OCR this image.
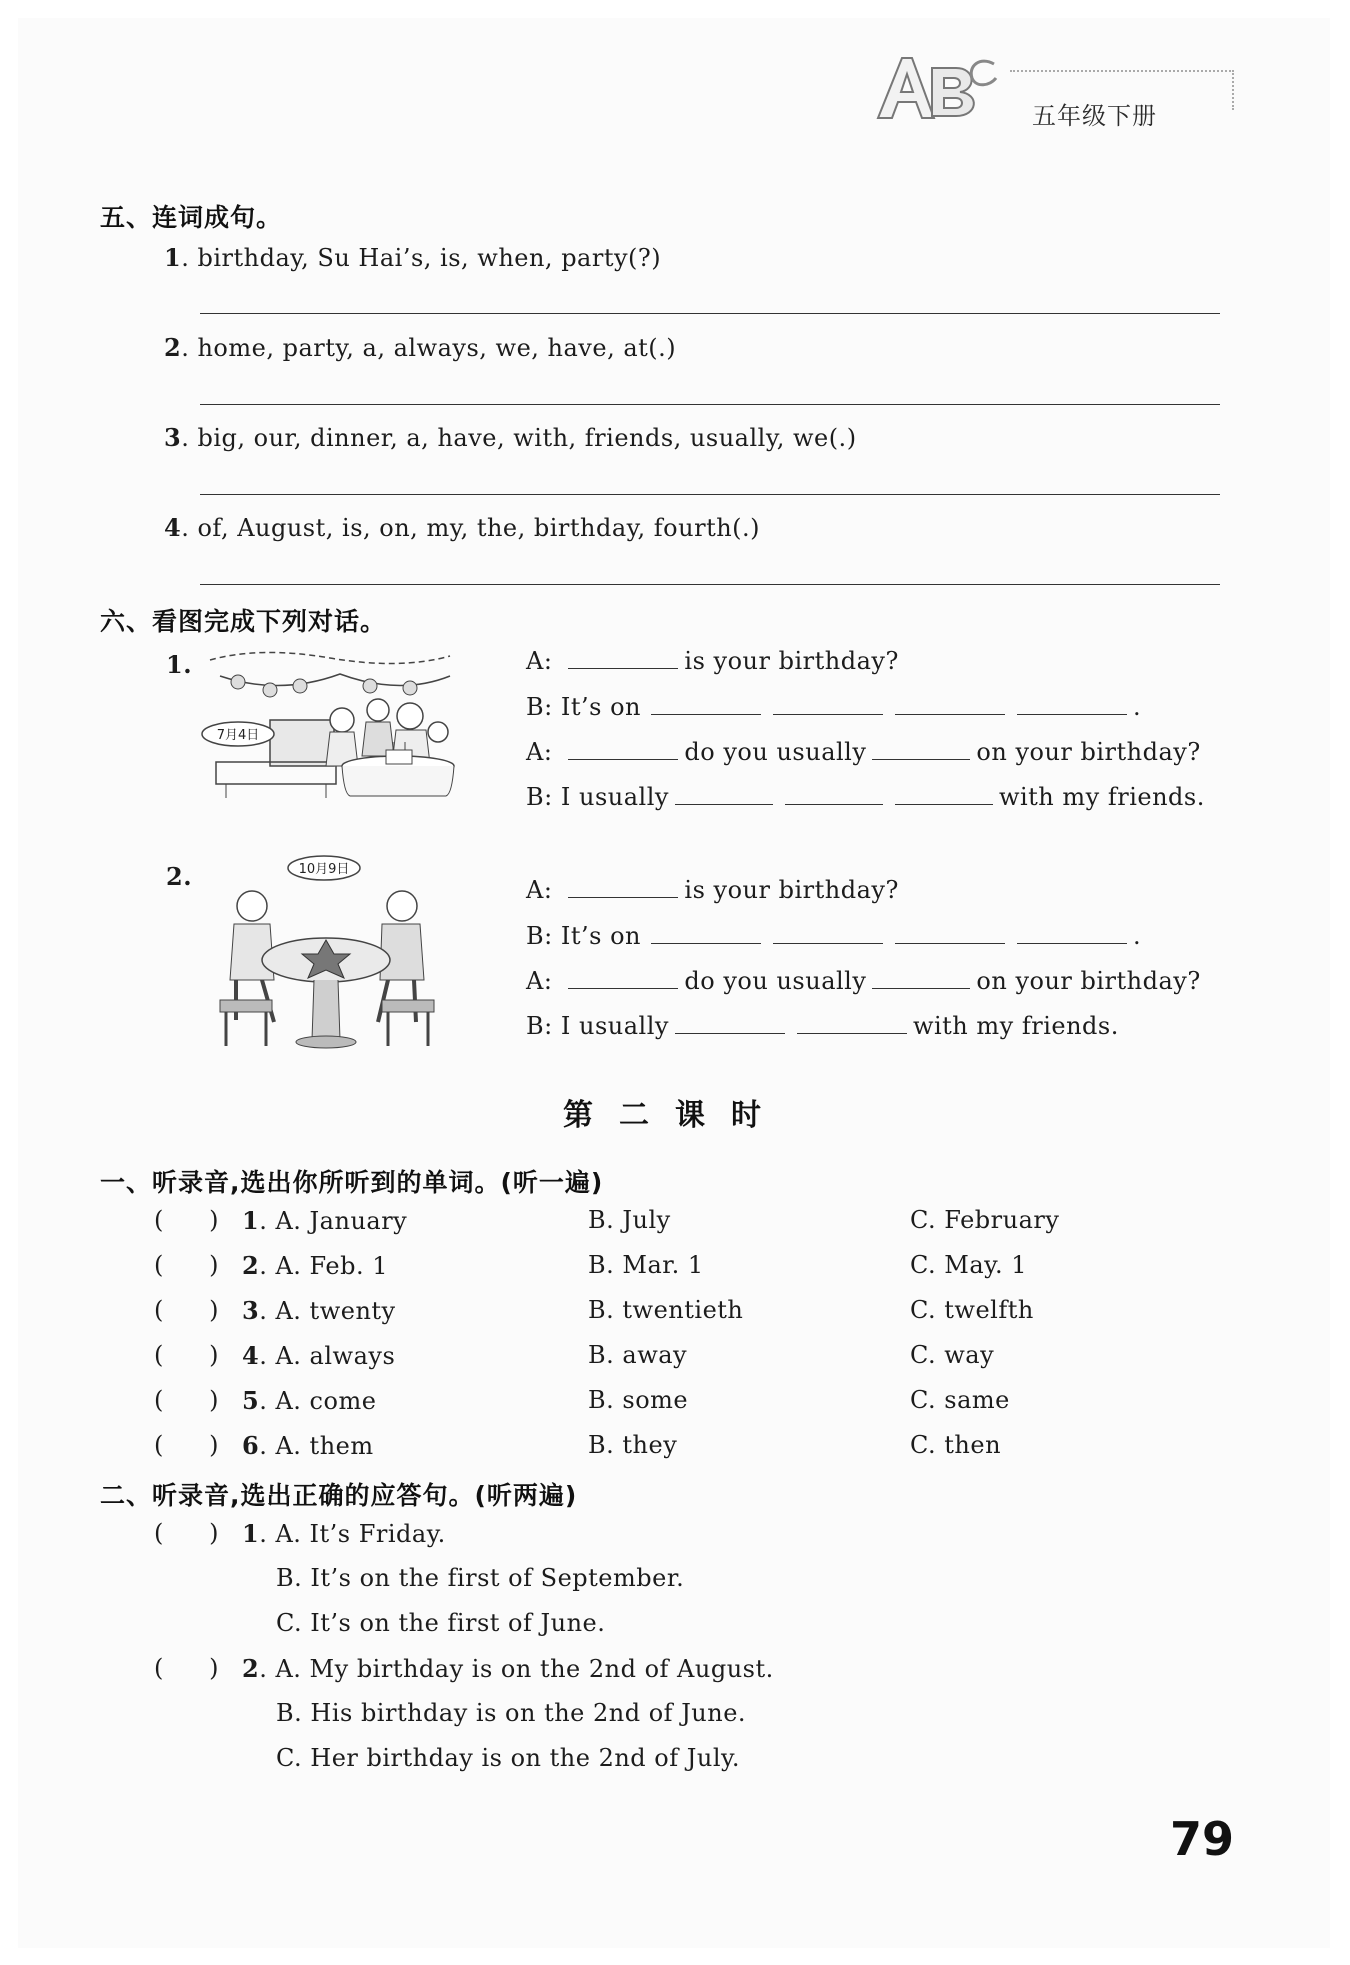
五年级下册
五、连词成句。
1. birthday, Su Hai’s, is, when, party(?)
2. home, party, a, always, we, have, at(.)
3. big, our, dinner, a, have, with, friends, usually, we(.)
4. of, August, is, on, my, the, birthday, fourth(.)
六、看图完成下列对话。
1.
7月4日
A:	is your birthday?
B: It’s on	.
A:	do you usually	on your birthday?
B: I usually	with my friends.
2.	10月9日
A:	is your birthday?
B: It’s on	.
A:	do you usually	on your birthday?
B: I usually	with my friends.
第二课时
一、听录音,选出你所听到的单词。(听一遍)
( ) 1. A. January	B. July	C. February
( ) 2. A. Feb. 1	B. Mar. 1	C. May. 1
( ) 3. A. twenty	B. twentieth	C. twelfth
( ) 4. A. always	B. away	C. way
( ) 5. A. come	B. some	C. same
( ) 6. A. them	B. they	C. then
二、听录音,选出正确的应答句。(听两遍)
( ) 1. A. It’s Friday.
B. It’s on the first of September.
C. It’s on the first of June.
( ) 2. A. My birthday is on the 2nd of August.
B. His birthday is on the 2nd of June.
C. Her birthday is on the 2nd of July.
79
